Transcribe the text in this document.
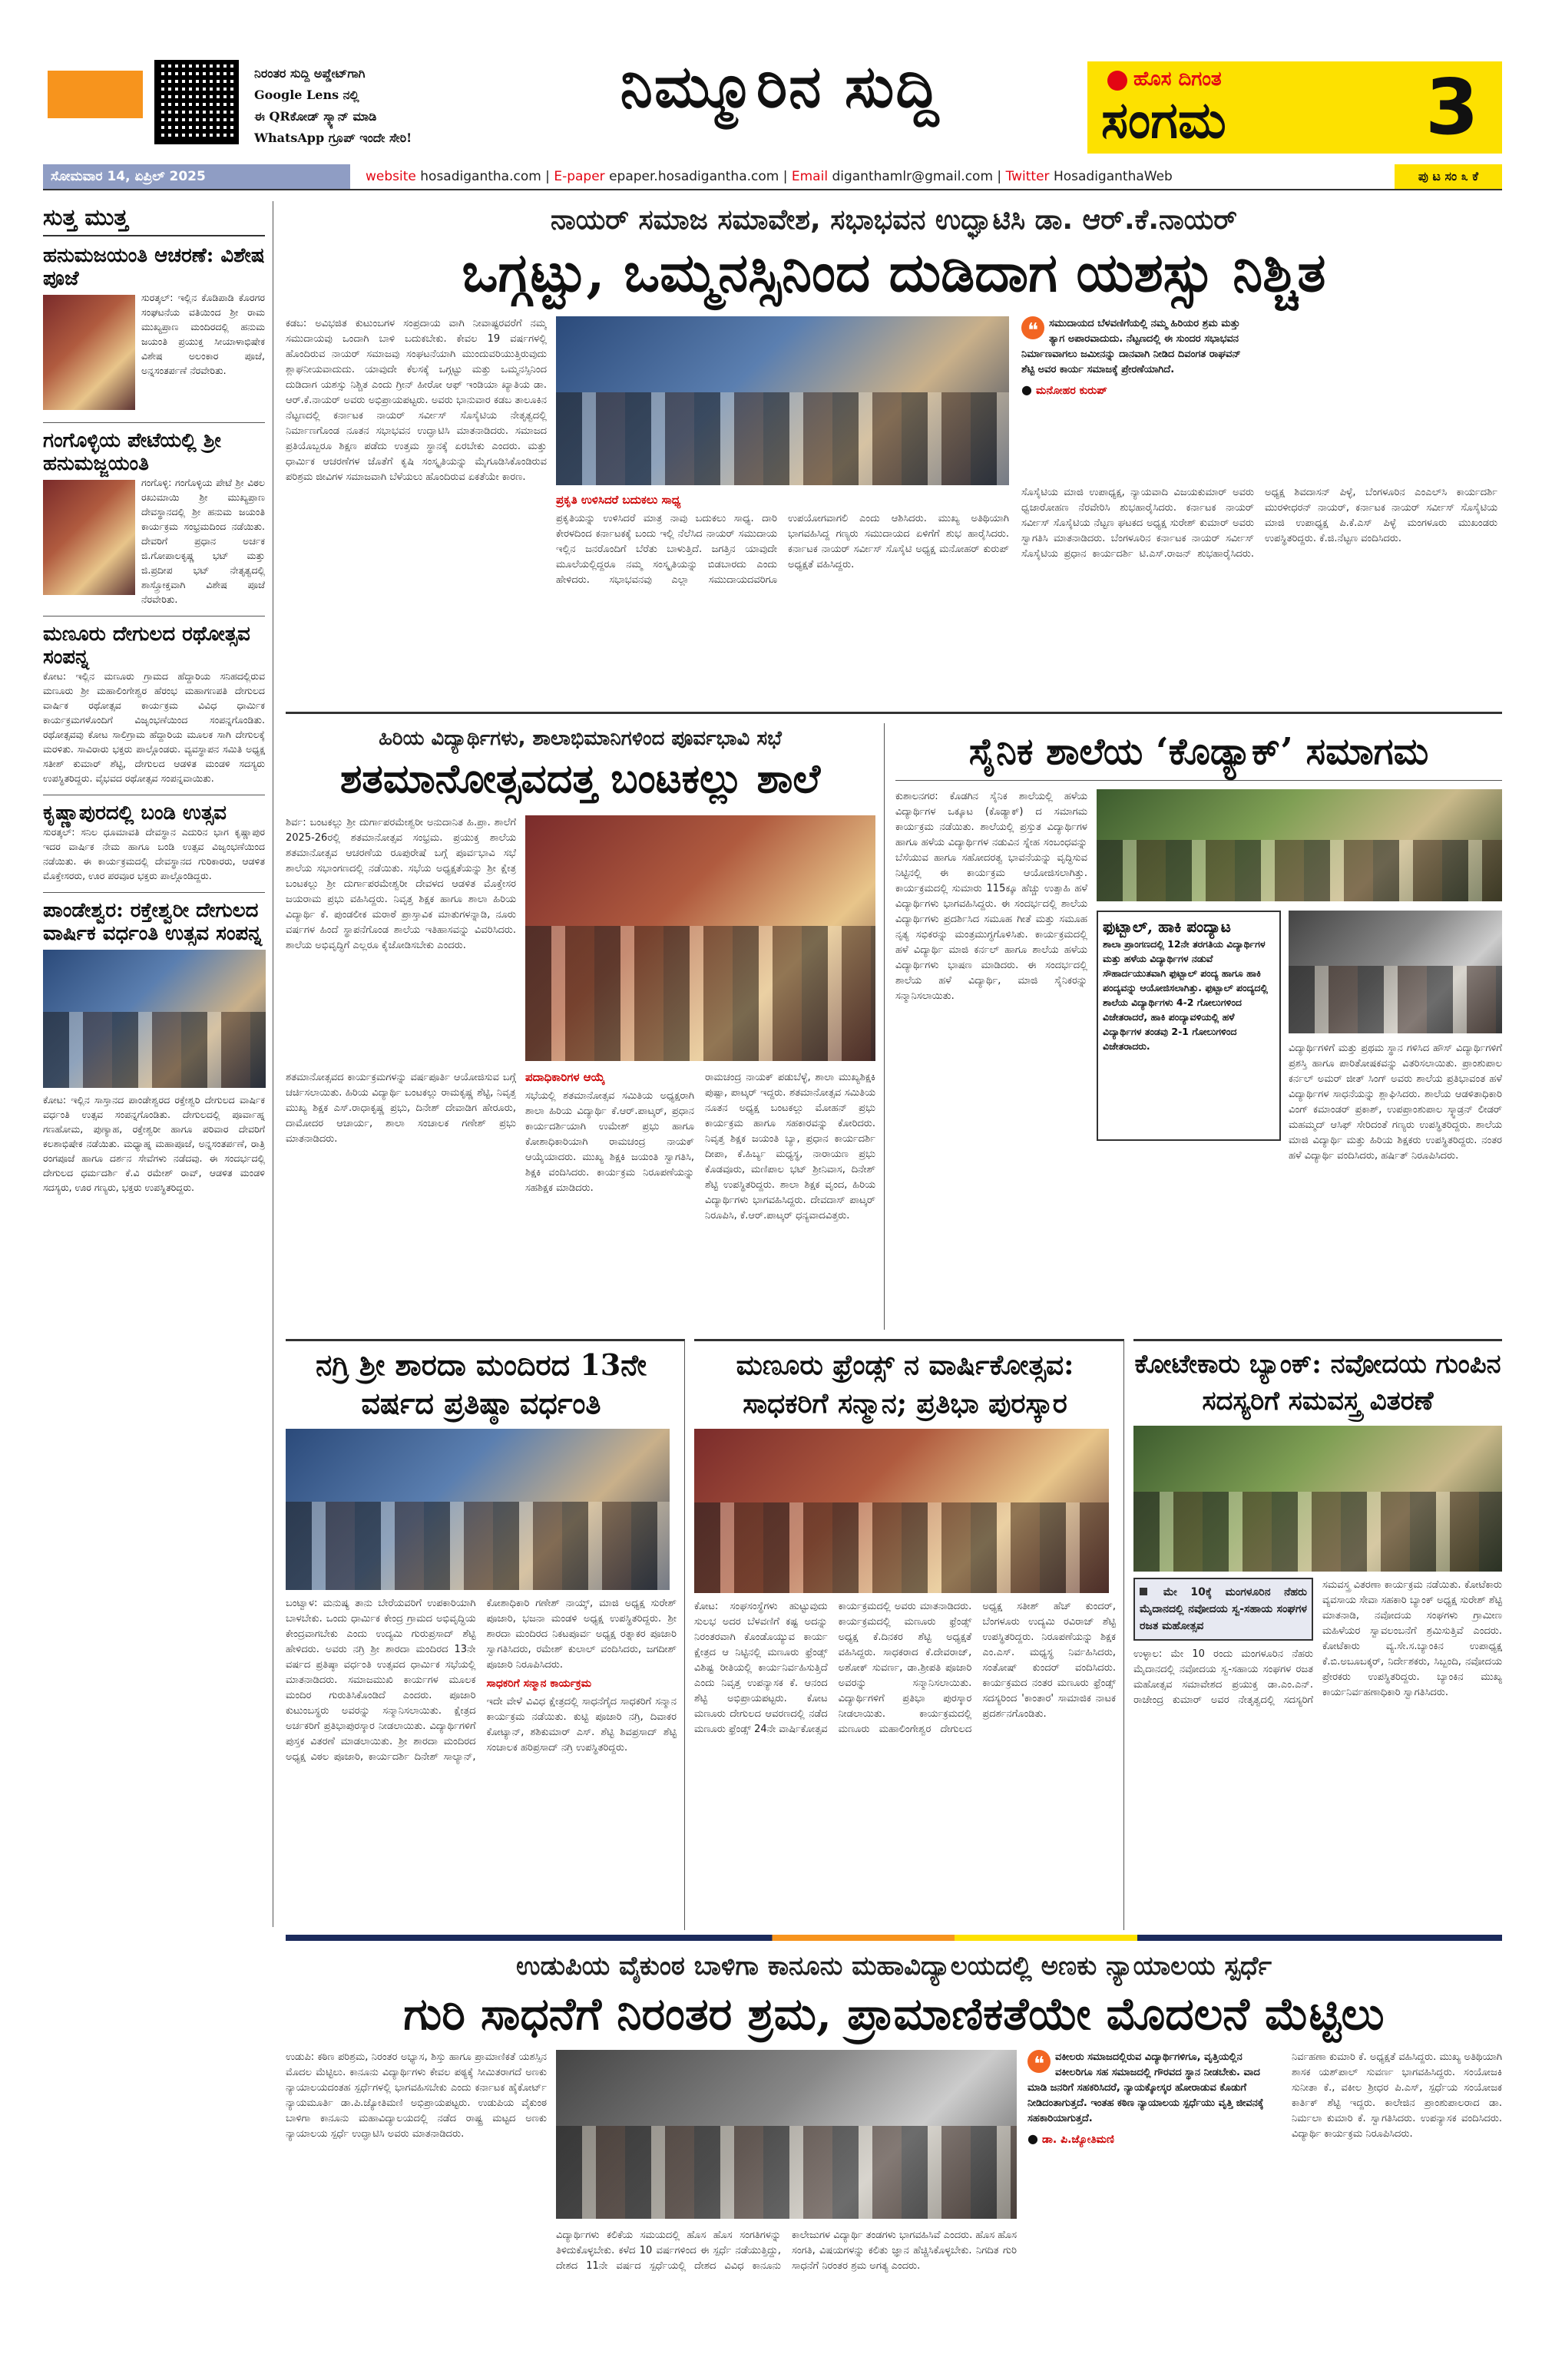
ನಿರಂತರ ಸುದ್ದಿ ಅಪ್ಡೇಟ್‌ಗಾಗಿ
Google Lens ನಲ್ಲಿ
ಈ QRಕೋಡ್ ಸ್ಕ್ಯಾನ್ ಮಾಡಿ
WhatsApp ಗ್ರೂಪ್ ಇಂದೇ ಸೇರಿ!
ನಿಮ್ಮೂರಿನ ಸುದ್ದಿ	ಹೊಸ ದಿಗಂತ
ಸಂಗಮ	3
ಸೋಮವಾರ 14, ಏಪ್ರಿಲ್ 2025	website hosadigantha.com | E-paper epaper.hosadigantha.com | Email diganthamlr@gmail.com | Twitter HosadiganthaWeb	ಪು ಟ ಸಂ ೩ ಕೆ
ಸುತ್ತ ಮುತ್ತ
ಹನುಮಜಯಂತಿ ಆಚರಣೆ: ವಿಶೇಷ ಪೂಜೆ
ಸುರತ್ಕಲ್: ಇಲ್ಲಿನ ಕೊಡಿಪಾಡಿ ಕೊರಗರ ಸಂಘಟನೆಯ ವತಿಯಿಂದ ಶ್ರೀ ರಾಮ ಮುಖ್ಯಪ್ರಾಣ ಮಂದಿರದಲ್ಲಿ ಹನುಮ ಜಯಂತಿ ಪ್ರಯುಕ್ತ ಸೀಯಾಳಾಭಿಷೇಕ ವಿಶೇಷ ಅಲಂಕಾರ ಪೂಜೆ, ಅನ್ನಸಂತರ್ಪಣೆ ನೆರವೇರಿತು.
ಗಂಗೊಳ್ಳಿಯ ಪೇಟೆಯಲ್ಲಿ ಶ್ರೀ ಹನುಮಜ್ಜಯಂತಿ
ಗಂಗೊಳ್ಳಿ: ಗಂಗೊಳ್ಳಿಯ ಪೇಟೆ ಶ್ರೀ ವಿಠಲ ರಖುಮಾಯಿ ಶ್ರೀ ಮುಖ್ಯಪ್ರಾಣ ದೇವಸ್ಥಾನದಲ್ಲಿ ಶ್ರೀ ಹನುಮ ಜಯಂತಿ ಕಾರ್ಯಕ್ರಮ ಸಂಭ್ರಮದಿಂದ ನಡೆಯಿತು. ದೇವರಿಗೆ ಪ್ರಧಾನ ಅರ್ಚಕ ಜಿ.ಗೋಪಾಲಕೃಷ್ಣ ಭಟ್ ಮತ್ತು ಜಿ.ಪ್ರದೀಪ ಭಟ್ ನೇತೃತ್ವದಲ್ಲಿ ಶಾಸ್ತ್ರೋಕ್ತವಾಗಿ ವಿಶೇಷ ಪೂಜೆ ನೆರವೇರಿತು.
ಮಣೂರು ದೇಗುಲದ ರಥೋತ್ಸವ ಸಂಪನ್ನ
ಕೋಟ: ಇಲ್ಲಿನ ಮಣೂರು ಗ್ರಾಮದ ಹೆದ್ದಾರಿಯ ಸನಿಹದಲ್ಲಿರುವ ಮಣೂರು ಶ್ರೀ ಮಹಾಲಿಂಗೇಶ್ವರ ಹೆರಂಭ ಮಹಾಗಣಪತಿ ದೇಗುಲದ ವಾರ್ಷಿಕ ರಥೋತ್ಸವ ಕಾರ್ಯಕ್ರಮ ವಿವಿಧ ಧಾರ್ಮಿಕ ಕಾರ್ಯಕ್ರಮಗಳೊಂದಿಗೆ ವಿಜೃಂಭಣೆಯಿಂದ ಸಂಪನ್ನಗೊಂಡಿತು. ರಥೋತ್ಸವವು ಕೋಟ ಸಾಲಿಗ್ರಾಮ ಹೆದ್ದಾರಿಯ ಮೂಲಕ ಸಾಗಿ ದೇಗುಲಕ್ಕೆ ಮರಳಿತು. ಸಾವಿರಾರು ಭಕ್ತರು ಪಾಲ್ಗೊಂಡರು. ವ್ಯವಸ್ಥಾಪನ ಸಮಿತಿ ಅಧ್ಯಕ್ಷ ಸತೀಶ್ ಕುಮಾರ್ ಶೆಟ್ಟಿ, ದೇಗುಲದ ಆಡಳಿತ ಮಂಡಳಿ ಸದಸ್ಯರು ಉಪಸ್ಥಿತರಿದ್ದರು. ವೈಭವದ ರಥೋತ್ಸವ ಸಂಪನ್ನವಾಯಿತು.
ಕೃಷ್ಣಾಪುರದಲ್ಲಿ ಬಂಡಿ ಉತ್ಸವ
ಸುರತ್ಕಲ್: ಸನಿಲ ಧೂಮಾವತಿ ದೇವಸ್ಥಾನ ಎದುರಿನ ಭಾಗ ಕೃಷ್ಣಾಪುರ ಇದರ ವಾರ್ಷಿಕ ನೇಮ ಹಾಗೂ ಬಂಡಿ ಉತ್ಸವ ವಿಜೃಂಭಣೆಯಿಂದ ನಡೆಯಿತು. ಈ ಕಾರ್ಯಕ್ರಮದಲ್ಲಿ ದೇವಸ್ಥಾನದ ಗುರಿಕಾರರು, ಆಡಳಿತ ಮೊಕ್ತೇಸರರು, ಊರ ಪರವೂರ ಭಕ್ತರು ಪಾಲ್ಗೊಂಡಿದ್ದರು.
ಪಾಂಡೇಶ್ವರ: ರಕ್ತೇಶ್ವರೀ ದೇಗುಲದ ವಾರ್ಷಿಕ ವರ್ಧಂತಿ ಉತ್ಸವ ಸಂಪನ್ನ
ಕೋಟ: ಇಲ್ಲಿನ ಸಾಸ್ತಾನದ ಪಾಂಡೇಶ್ವರದ ರಕ್ತೇಶ್ವರಿ ದೇಗುಲದ ವಾರ್ಷಿಕ ವರ್ಧಂತಿ ಉತ್ಸವ ಸಂಪನ್ನಗೊಂಡಿತು. ದೇಗುಲದಲ್ಲಿ ಪೂರ್ವಾಹ್ನ ಗಣಹೋಮ, ಪುಣ್ಯಾಹ, ರಕ್ತೇಶ್ವರೀ ಹಾಗೂ ಪರಿವಾರ ದೇವರಿಗೆ ಕಲಶಾಭಿಷೇಕ ನಡೆಯಿತು. ಮಧ್ಯಾಹ್ನ ಮಹಾಪೂಜೆ, ಅನ್ನಸಂತರ್ಪಣೆ, ರಾತ್ರಿ ರಂಗಪೂಜೆ ಹಾಗೂ ದರ್ಶನ ಸೇವೆಗಳು ನಡೆದವು. ಈ ಸಂದರ್ಭದಲ್ಲಿ ದೇಗುಲದ ಧರ್ಮದರ್ಶಿ ಕೆ.ವಿ ರಮೇಶ್ ರಾವ್, ಆಡಳಿತ ಮಂಡಳಿ ಸದಸ್ಯರು, ಊರ ಗಣ್ಯರು, ಭಕ್ತರು ಉಪಸ್ಥಿತರಿದ್ದರು.
ನಾಯರ್ ಸಮಾಜ ಸಮಾವೇಶ, ಸಭಾಭವನ ಉದ್ಘಾಟಿಸಿ ಡಾ. ಆರ್.ಕೆ.ನಾಯರ್
ಒಗ್ಗಟ್ಟು, ಒಮ್ಮನಸ್ಸಿನಿಂದ ದುಡಿದಾಗ ಯಶಸ್ಸು ನಿಶ್ಚಿತ
ಕಡಬ: ಅವಿಭಜಿತ ಕುಟುಂಬಗಳ ಸಂಪ್ರದಾಯ ವಾಗಿ ನೀವಾಷ್ಟರವರೆಗೆ ನಮ್ಮ ಸಮುದಾಯವು ಒಂದಾಗಿ ಬಾಳಿ ಬದುಕಬೇಕು. ಕೇವಲ 19 ವರ್ಷಗಳಲ್ಲಿ ಹೊಂದಿರುವ ನಾಯರ್ ಸಮಾಜವು ಸಂಘಟನೆಯಾಗಿ ಮುಂದುವರಿಯುತ್ತಿರುವುದು ಶ್ಲಾಘನೀಯವಾದುದು. ಯಾವುದೇ ಕೆಲಸಕ್ಕೆ ಒಗ್ಗಟ್ಟು ಮತ್ತು ಒಮ್ಮನಸ್ಸಿನಿಂದ ದುಡಿದಾಗ ಯಶಸ್ಸು ನಿಶ್ಚಿತ ಎಂದು ಗ್ರೀನ್ ಹೀರೋ ಆಫ್ ಇಂಡಿಯಾ ಖ್ಯಾತಿಯ ಡಾ. ಆರ್.ಕೆ.ನಾಯರ್ ಅವರು ಅಭಿಪ್ರಾಯಪಟ್ಟರು. ಅವರು ಭಾನುವಾರ ಕಡಬ ತಾಲೂಕಿನ ನೆಟ್ಟಣದಲ್ಲಿ ಕರ್ನಾಟಕ ನಾಯರ್ ಸರ್ವೀಸ್ ಸೊಸೈಟಿಯ ನೇತೃತ್ವದಲ್ಲಿ ನಿರ್ಮಾಣಗೊಂಡ ನೂತನ ಸಭಾಭವನ ಉದ್ಘಾಟಿಸಿ ಮಾತನಾಡಿದರು. ಸಮಾಜದ ಪ್ರತಿಯೊಬ್ಬರೂ ಶಿಕ್ಷಣ ಪಡೆದು ಉತ್ತಮ ಸ್ಥಾನಕ್ಕೆ ಏರಬೇಕು ಎಂದರು. ಮತ್ತು ಧಾರ್ಮಿಕ ಆಚರಣೆಗಳ ಜೊತೆಗೆ ಕೃಷಿ ಸಂಸ್ಕೃತಿಯನ್ನು ಮೈಗೂಡಿಸಿಕೊಂಡಿರುವ ಪರಿಶ್ರಮ ಜೀವಿಗಳ ಸಮಾಜವಾಗಿ ಬೆಳೆಯಲು ಹೊಂದಿರುವ ಏಕತೆಯೇ ಕಾರಣ.
ಪ್ರಕೃತಿ ಉಳಿಸಿದರೆ ಬದುಕಲು ಸಾಧ್ಯ
ಪ್ರಕೃತಿಯನ್ನು ಉಳಿಸಿದರೆ ಮಾತ್ರ ನಾವು ಬದುಕಲು ಸಾಧ್ಯ. ದಾರಿ ಕೇರಳದಿಂದ ಕರ್ನಾಟಕಕ್ಕೆ ಬಂದು ಇಲ್ಲಿ ನೆಲೆಸಿದ ನಾಯರ್ ಸಮುದಾಯ ಇಲ್ಲಿನ ಜನರೊಂದಿಗೆ ಬೆರೆತು ಬಾಳುತ್ತಿದೆ. ಜಗತ್ತಿನ ಯಾವುದೇ ಮೂಲೆಯಲ್ಲಿದ್ದರೂ ನಮ್ಮ ಸಂಸ್ಕೃತಿಯನ್ನು ಬಿಡಬಾರದು ಎಂದು ಹೇಳಿದರು. ಸಭಾಭವನವು ಎಲ್ಲಾ ಸಮುದಾಯದವರಿಗೂ ಉಪಯೋಗವಾಗಲಿ ಎಂದು ಆಶಿಸಿದರು. ಮುಖ್ಯ ಅತಿಥಿಯಾಗಿ ಭಾಗವಹಿಸಿದ್ದ ಗಣ್ಯರು ಸಮುದಾಯದ ಏಳಿಗೆಗೆ ಶುಭ ಹಾರೈಸಿದರು. ಕರ್ನಾಟಕ ನಾಯರ್ ಸರ್ವೀಸ್ ಸೊಸೈಟಿ ಅಧ್ಯಕ್ಷ ಮನೋಹರ್ ಕುರುಪ್ ಅಧ್ಯಕ್ಷತೆ ವಹಿಸಿದ್ದರು.
❝	ಸಮುದಾಯದ ಬೆಳವಣಿಗೆಯಲ್ಲಿ ನಮ್ಮ ಹಿರಿಯರ ಶ್ರಮ ಮತ್ತು ತ್ಯಾಗ ಅಪಾರವಾದುದು. ನೆಟ್ಟಣದಲ್ಲಿ ಈ ಸುಂದರ ಸಭಾಭವನ ನಿರ್ಮಾಣವಾಗಲು ಜಮೀನನ್ನು ದಾನವಾಗಿ ನೀಡಿದ ದಿವಂಗತ ರಾಘವನ್ ಶೆಟ್ಟಿ ಅವರ ಕಾರ್ಯ ಸಮಾಜಕ್ಕೆ ಪ್ರೇರಣೆಯಾಗಿದೆ.
● ಮನೋಹರ ಕುರುಪ್
ಸೊಸೈಟಿಯ ಮಾಜಿ ಉಪಾಧ್ಯಕ್ಷ, ನ್ಯಾಯವಾದಿ ವಿಜಯಕುಮಾರ್ ಅವರು ಧ್ವಜಾರೋಹಣ ನೆರವೇರಿಸಿ ಶುಭಹಾರೈಸಿದರು. ಕರ್ನಾಟಕ ನಾಯರ್ ಸರ್ವೀಸ್ ಸೊಸೈಟಿಯ ನೆಟ್ಟಣ ಘಟಕದ ಅಧ್ಯಕ್ಷ ಸುರೇಶ್ ಕುಮಾರ್ ಅವರು ಸ್ವಾಗತಿಸಿ ಮಾತನಾಡಿದರು. ಬೆಂಗಳೂರಿನ ಕರ್ನಾಟಕ ನಾಯರ್ ಸರ್ವೀಸ್ ಸೊಸೈಟಿಯ ಪ್ರಧಾನ ಕಾರ್ಯದರ್ಶಿ ಟಿ.ಎಸ್.ರಾಜನ್ ಶುಭಹಾರೈಸಿದರು. ಅಧ್ಯಕ್ಷ ಶಿವದಾಸನ್ ಪಿಳ್ಳೆ, ಬೆಂಗಳೂರಿನ ಎಂಎಲ್‌ಸಿ ಕಾರ್ಯದರ್ಶಿ ಮುರಳೀಧರನ್ ನಾಯರ್, ಕರ್ನಾಟಕ ನಾಯರ್ ಸರ್ವೀಸ್ ಸೊಸೈಟಿಯ ಮಾಜಿ ಉಪಾಧ್ಯಕ್ಷ ಪಿ.ಕೆ.ಎಸ್ ಪಿಳ್ಳೆ ಮಂಗಳೂರು ಮುಖಂಡರು ಉಪಸ್ಥಿತರಿದ್ದರು. ಕೆ.ಜಿ.ನೆಟ್ಟಣ ವಂದಿಸಿದರು.
ಹಿರಿಯ ವಿದ್ಯಾರ್ಥಿಗಳು, ಶಾಲಾಭಿಮಾನಿಗಳಿಂದ ಪೂರ್ವಭಾವಿ ಸಭೆ
ಶತಮಾನೋತ್ಸವದತ್ತ ಬಂಟಕಲ್ಲು ಶಾಲೆ
ಶಿರ್ವ: ಬಂಟಕಲ್ಲು ಶ್ರೀ ದುರ್ಗಾಪರಮೇಶ್ವರೀ ಅನುದಾನಿತ ಹಿ.ಪ್ರಾ. ಶಾಲೆಗೆ 2025-26ರಲ್ಲಿ ಶತಮಾನೋತ್ಸವ ಸಂಭ್ರಮ. ಪ್ರಯುಕ್ತ ಶಾಲೆಯ ಶತಮಾನೋತ್ಸವ ಆಚರಣೆಯ ರೂಪುರೇಷೆ ಬಗ್ಗೆ ಪೂರ್ವಭಾವಿ ಸಭೆ ಶಾಲೆಯ ಸಭಾಂಗಣದಲ್ಲಿ ನಡೆಯಿತು. ಸಭೆಯ ಅಧ್ಯಕ್ಷತೆಯನ್ನು ಶ್ರೀ ಕ್ಷೇತ್ರ ಬಂಟಕಲ್ಲು ಶ್ರೀ ದುರ್ಗಾಪರಮೇಶ್ವರೀ ದೇವಳದ ಆಡಳಿತ ಮೊಕ್ತೇಸರ ಜಯರಾಮ ಪ್ರಭು ವಹಿಸಿದ್ದರು. ನಿವೃತ್ತ ಶಿಕ್ಷಕ ಹಾಗೂ ಶಾಲಾ ಹಿರಿಯ ವಿದ್ಯಾರ್ಥಿ ಕೆ. ಪುಂಡಲೀಕ ಮರಾಠೆ ಪ್ರಾಸ್ತಾವಿಕ ಮಾತುಗಳನ್ನಾಡಿ, ನೂರು ವರ್ಷಗಳ ಹಿಂದೆ ಸ್ಥಾಪನೆಗೊಂಡ ಶಾಲೆಯ ಇತಿಹಾಸವನ್ನು ವಿವರಿಸಿದರು. ಶಾಲೆಯ ಅಭಿವೃದ್ಧಿಗೆ ಎಲ್ಲರೂ ಕೈಜೋಡಿಸಬೇಕು ಎಂದರು.
ಶತಮಾನೋತ್ಸವದ ಕಾರ್ಯಕ್ರಮಗಳನ್ನು ವರ್ಷಪೂರ್ತಿ ಆಯೋಜಿಸುವ ಬಗ್ಗೆ ಚರ್ಚಿಸಲಾಯಿತು. ಹಿರಿಯ ವಿದ್ಯಾರ್ಥಿ ಬಂಟಕಲ್ಲು ರಾಮಕೃಷ್ಣ ಶೆಟ್ಟಿ, ನಿವೃತ್ತ ಮುಖ್ಯ ಶಿಕ್ಷಕ ಎಸ್.ರಾಧಾಕೃಷ್ಣ ಪ್ರಭು, ದಿನೇಶ್ ದೇವಾಡಿಗ ಹೇರೂರು, ದಾಮೋದರ ಆಚಾರ್ಯ, ಶಾಲಾ ಸಂಚಾಲಕ ಗಣೇಶ್ ಪ್ರಭು ಮಾತನಾಡಿದರು.
ಪದಾಧಿಕಾರಿಗಳ ಆಯ್ಕೆ
ಸಭೆಯಲ್ಲಿ ಶತಮಾನೋತ್ಸವ ಸಮಿತಿಯ ಅಧ್ಯಕ್ಷರಾಗಿ ಶಾಲಾ ಹಿರಿಯ ವಿದ್ಯಾರ್ಥಿ ಕೆ.ಆರ್.ಪಾಟ್ಕರ್, ಪ್ರಧಾನ ಕಾರ್ಯದರ್ಶಿಯಾಗಿ ಉಮೇಶ್ ಪ್ರಭು ಹಾಗೂ ಕೋಶಾಧಿಕಾರಿಯಾಗಿ ರಾಮಚಂದ್ರ ನಾಯಕ್ ಆಯ್ಕೆಯಾದರು. ಮುಖ್ಯ ಶಿಕ್ಷಕಿ ಜಯಂತಿ ಸ್ವಾಗತಿಸಿ, ಶಿಕ್ಷಕಿ ವಂದಿಸಿದರು. ಕಾರ್ಯಕ್ರಮ ನಿರೂಪಣೆಯನ್ನು ಸಹಶಿಕ್ಷಕ ಮಾಡಿದರು.
ರಾಮಚಂದ್ರ ನಾಯಕ್ ಪಡುಬೆಳ್ಳೆ, ಶಾಲಾ ಮುಖ್ಯಶಿಕ್ಷಕಿ ಪುಷ್ಪಾ, ಪಾಟ್ಕರ್ ಇದ್ದರು. ಶತಮಾನೋತ್ಸವ ಸಮಿತಿಯ ನೂತನ ಅಧ್ಯಕ್ಷ ಬಂಟಕಲ್ಲು ಮೋಹನ್ ಪ್ರಭು ಕಾರ್ಯಕ್ರಮ ಹಾಗೂ ಸಹಕಾರವನ್ನು ಕೋರಿದರು. ನಿವೃತ್ತ ಶಿಕ್ಷಕ ಜಯಂತಿ ಬ್ಯಾ, ಪ್ರಧಾನ ಕಾರ್ಯದರ್ಶಿ ದೀಪಾ, ಕೆ.ಹಿರ್ಬ್ಯ ಮಧ್ಯಸ್ಥ, ನಾರಾಯಣ ಪ್ರಭು ಕೊಡವೂರು, ಮಣಿಪಾಲ ಭಟ್ ಶ್ರೀನಿವಾಸ, ದಿನೇಶ್ ಶೆಟ್ಟಿ ಉಪಸ್ಥಿತರಿದ್ದರು. ಶಾಲಾ ಶಿಕ್ಷಕ ವೃಂದ, ಹಿರಿಯ ವಿದ್ಯಾರ್ಥಿಗಳು ಭಾಗವಹಿಸಿದ್ದರು. ದೇವದಾಸ್ ಪಾಟ್ಕರ್ ನಿರೂಪಿಸಿ, ಕೆ.ಆರ್.ಪಾಟ್ಕರ್ ಧನ್ಯವಾದವಿತ್ತರು.
ಸೈನಿಕ ಶಾಲೆಯ ‘ಕೊಡ್ಯಾಕ್’ ಸಮಾಗಮ
ಕುಶಾಲನಗರ: ಕೊಡಗಿನ ಸೈನಿಕ ಶಾಲೆಯಲ್ಲಿ ಹಳೆಯ ವಿದ್ಯಾರ್ಥಿಗಳ ಒಕ್ಕೂಟ (ಕೊಡ್ಯಾಕ್) ದ ಸಮಾಗಮ ಕಾರ್ಯಕ್ರಮ ನಡೆಯಿತು. ಶಾಲೆಯಲ್ಲಿ ಪ್ರಸ್ತುತ ವಿದ್ಯಾರ್ಥಿಗಳ ಹಾಗೂ ಹಳೆಯ ವಿದ್ಯಾರ್ಥಿಗಳ ನಡುವಿನ ಸ್ನೇಹ ಸಂಬಂಧವನ್ನು ಬೆಸೆಯುವ ಹಾಗೂ ಸಹೋದರತ್ವ ಭಾವನೆಯನ್ನು ವೃದ್ಧಿಸುವ ನಿಟ್ಟಿನಲ್ಲಿ ಈ ಕಾರ್ಯಕ್ರಮ ಆಯೋಜಿಸಲಾಗಿತ್ತು. ಕಾರ್ಯಕ್ರಮದಲ್ಲಿ ಸುಮಾರು 115ಕ್ಕೂ ಹೆಚ್ಚು ಉತ್ಸಾಹಿ ಹಳೆ ವಿದ್ಯಾರ್ಥಿಗಳು ಭಾಗವಹಿಸಿದ್ದರು. ಈ ಸಂದರ್ಭದಲ್ಲಿ ಶಾಲೆಯ ವಿದ್ಯಾರ್ಥಿಗಳು ಪ್ರದರ್ಶಿಸಿದ ಸಮೂಹ ಗೀತೆ ಮತ್ತು ಸಮೂಹ ನೃತ್ಯ ಸಭಿಕರನ್ನು ಮಂತ್ರಮುಗ್ಧಗೊಳಿಸಿತು. ಕಾರ್ಯಕ್ರಮದಲ್ಲಿ ಹಳೆ ವಿದ್ಯಾರ್ಥಿ ಮಾಜಿ ಕರ್ನಲ್ ಹಾಗೂ ಶಾಲೆಯ ಹಳೆಯ ವಿದ್ಯಾರ್ಥಿಗಳು ಭಾಷಣ ಮಾಡಿದರು. ಈ ಸಂದರ್ಭದಲ್ಲಿ ಶಾಲೆಯ ಹಳೆ ವಿದ್ಯಾರ್ಥಿ, ಮಾಜಿ ಸೈನಿಕರನ್ನು ಸನ್ಮಾನಿಸಲಾಯಿತು.
ಫುಟ್ಬಾಲ್, ಹಾಕಿ ಪಂದ್ಯಾಟ
ಶಾಲಾ ಪ್ರಾಂಗಣದಲ್ಲಿ 12ನೇ ತರಗತಿಯ ವಿದ್ಯಾರ್ಥಿಗಳ ಮತ್ತು ಹಳೆಯ ವಿದ್ಯಾರ್ಥಿಗಳ ನಡುವೆ ಸೌಹಾರ್ದಯುತವಾಗಿ ಫುಟ್ಬಾಲ್ ಪಂದ್ಯ ಹಾಗೂ ಹಾಕಿ ಪಂದ್ಯವನ್ನು ಆಯೋಜಿಸಲಾಗಿತ್ತು. ಫುಟ್ಬಾಲ್ ಪಂದ್ಯದಲ್ಲಿ ಶಾಲೆಯ ವಿದ್ಯಾರ್ಥಿಗಳು 4-2 ಗೋಲುಗಳಿಂದ ವಿಜೇತರಾದರೆ, ಹಾಕಿ ಪಂದ್ಯಾವಳಿಯಲ್ಲಿ ಹಳೆ ವಿದ್ಯಾರ್ಥಿಗಳ ತಂಡವು 2-1 ಗೋಲುಗಳಿಂದ ವಿಜೇತರಾದರು.	ವಿದ್ಯಾರ್ಥಿಗಳಿಗೆ ಮತ್ತು ಪ್ರಥಮ ಸ್ಥಾನ ಗಳಿಸಿದ ಹೌಸ್ ವಿದ್ಯಾರ್ಥಿಗಳಿಗೆ ಪ್ರಶಸ್ತಿ ಹಾಗೂ ಪಾರಿತೋಷಕವನ್ನು ವಿತರಿಸಲಾಯಿತು. ಪ್ರಾಂಶುಪಾಲ ಕರ್ನಲ್ ಅಮರ್ ಜೀತ್ ಸಿಂಗ್ ಅವರು ಶಾಲೆಯ ಪ್ರತಿಭಾವಂತ ಹಳೆ ವಿದ್ಯಾರ್ಥಿಗಳ ಸಾಧನೆಯನ್ನು ಶ್ಲಾಘಿಸಿದರು. ಶಾಲೆಯ ಆಡಳಿತಾಧಿಕಾರಿ ವಿಂಗ್ ಕಮಾಂಡರ್ ಪ್ರಕಾಶ್, ಉಪಪ್ರಾಂಶುಪಾಲ ಸ್ಕ್ವಾಡ್ರನ್ ಲೀಡರ್ ಮಹಮ್ಮದ್ ಆಸಿಫ್ ಸೇರಿದಂತೆ ಗಣ್ಯರು ಉಪಸ್ಥಿತರಿದ್ದರು. ಶಾಲೆಯ ಮಾಜಿ ವಿದ್ಯಾರ್ಥಿ ಮತ್ತು ಹಿರಿಯ ಶಿಕ್ಷಕರು ಉಪಸ್ಥಿತರಿದ್ದರು. ನಂತರ ಹಳೆ ವಿದ್ಯಾರ್ಥಿ ವಂದಿಸಿದರು, ಹರ್ಷಿತ್ ನಿರೂಪಿಸಿದರು.
ನಗ್ರಿ ಶ್ರೀ ಶಾರದಾ ಮಂದಿರದ 13ನೇ ವರ್ಷದ ಪ್ರತಿಷ್ಠಾ ವರ್ಧಂತಿ
ಬಂಟ್ವಾಳ: ಮನುಷ್ಯ ತಾನು ಬೇರೆಯವರಿಗೆ ಉಪಕಾರಿಯಾಗಿ ಬಾಳಬೇಕು. ಒಂದು ಧಾರ್ಮಿಕ ಕೇಂದ್ರ ಗ್ರಾಮದ ಅಭಿವೃದ್ಧಿಯ ಕೇಂದ್ರವಾಗಬೇಕು ಎಂದು ಉದ್ಯಮಿ ಗುರುಪ್ರಸಾದ್ ಶೆಟ್ಟಿ ಹೇಳಿದರು. ಅವರು ನಗ್ರಿ ಶ್ರೀ ಶಾರದಾ ಮಂದಿರದ 13ನೇ ವರ್ಷದ ಪ್ರತಿಷ್ಠಾ ವರ್ಧಂತಿ ಉತ್ಸವದ ಧಾರ್ಮಿಕ ಸಭೆಯಲ್ಲಿ ಮಾತನಾಡಿದರು. ಸಮಾಜಮುಖಿ ಕಾರ್ಯಗಳ ಮೂಲಕ ಮಂದಿರ ಗುರುತಿಸಿಕೊಂಡಿದೆ ಎಂದರು. ಪೂಜಾರಿ ಕುಟುಂಬಸ್ಥರು ಅವರನ್ನು ಸನ್ಮಾನಿಸಲಾಯಿತು. ಕ್ಷೇತ್ರದ ಅರ್ಚಕರಿಗೆ ಪ್ರತಿಭಾಪುರಸ್ಕಾರ ನೀಡಲಾಯಿತು. ವಿದ್ಯಾರ್ಥಿಗಳಿಗೆ ಪುಸ್ತಕ ವಿತರಣೆ ಮಾಡಲಾಯಿತು. ಶ್ರೀ ಶಾರದಾ ಮಂದಿರದ ಅಧ್ಯಕ್ಷ ವಿಠಲ ಪೂಜಾರಿ, ಕಾರ್ಯದರ್ಶಿ ದಿನೇಶ್ ಸಾಲ್ಯಾನ್, ಕೋಶಾಧಿಕಾರಿ ಗಣೇಶ್ ನಾಯ್ಕ್, ಮಾಜಿ ಅಧ್ಯಕ್ಷ ಸುರೇಶ್ ಪೂಜಾರಿ, ಭಜನಾ ಮಂಡಳಿ ಅಧ್ಯಕ್ಷ ಉಪಸ್ಥಿತರಿದ್ದರು. ಶ್ರೀ ಶಾರದಾ ಮಂದಿರದ ನಿಕಟಪೂರ್ವ ಅಧ್ಯಕ್ಷ ರತ್ನಾಕರ ಪೂಜಾರಿ ಸ್ವಾಗತಿಸಿದರು, ರಮೇಶ್ ಕುಲಾಲ್ ವಂದಿಸಿದರು, ಜಗದೀಶ್ ಪೂಜಾರಿ ನಿರೂಪಿಸಿದರು.
ಸಾಧಕರಿಗೆ ಸನ್ಮಾನ ಕಾರ್ಯಕ್ರಮ
ಇದೇ ವೇಳೆ ವಿವಿಧ ಕ್ಷೇತ್ರದಲ್ಲಿ ಸಾಧನೆಗೈದ ಸಾಧಕರಿಗೆ ಸನ್ಮಾನ ಕಾರ್ಯಕ್ರಮ ನಡೆಯಿತು. ಕುಟ್ಟಿ ಪೂಜಾರಿ ನಗ್ರಿ, ದಿವಾಕರ ಕೋಟ್ಯಾನ್, ಶಶಿಕುಮಾರ್ ಎಸ್. ಶೆಟ್ಟಿ ಶಿವಪ್ರಸಾದ್ ಶೆಟ್ಟಿ ಸಂಚಾಲಕ ಹರಿಪ್ರಸಾದ್ ನಗ್ರಿ ಉಪಸ್ಥಿತರಿದ್ದರು.
ಮಣೂರು ಫ್ರೆಂಡ್ಸ್ ನ ವಾರ್ಷಿಕೋತ್ಸವ: ಸಾಧಕರಿಗೆ ಸನ್ಮಾನ; ಪ್ರತಿಭಾ ಪುರಸ್ಕಾರ
ಕೋಟ: ಸಂಘಸಂಸ್ಥೆಗಳು ಹುಟ್ಟುವುದು ಸುಲಭ ಅದರ ಬೆಳವಣಿಗೆ ಕಷ್ಟ ಅದನ್ನು ನಿರಂತರವಾಗಿ ಕೊಂಡೊಯ್ಯುವ ಕಾರ್ಯ ಕ್ಷೇತ್ರದ ಆ ನಿಟ್ಟಿನಲ್ಲಿ ಮಣೂರು ಫ್ರೆಂಡ್ಸ್ ವಿಶಿಷ್ಟ ರೀತಿಯಲ್ಲಿ ಕಾರ್ಯನಿರ್ವಹಿಸುತ್ತಿದೆ ಎಂದು ನಿವೃತ್ತ ಉಪನ್ಯಾಸಕ ಕೆ. ಆನಂದ ಶೆಟ್ಟಿ ಅಭಿಪ್ರಾಯಪಟ್ಟರು. ಕೋಟ ಮಣೂರು ದೇಗುಲದ ಆವರಣದಲ್ಲಿ ನಡೆದ ಮಣೂರು ಫ್ರೆಂಡ್ಸ್ 24ನೇ ವಾರ್ಷಿಕೋತ್ಸವ ಕಾರ್ಯಕ್ರಮದಲ್ಲಿ ಅವರು ಮಾತನಾಡಿದರು. ಕಾರ್ಯಕ್ರಮದಲ್ಲಿ ಮಣೂರು ಫ್ರೆಂಡ್ಸ್ ಅಧ್ಯಕ್ಷ ಕೆ.ದಿನಕರ ಶೆಟ್ಟಿ ಅಧ್ಯಕ್ಷತೆ ವಹಿಸಿದ್ದರು. ಸಾಧಕರಾದ ಕೆ.ದೇವರಾಜ್, ಅಶೋಕ್ ಸುವರ್ಣ, ಡಾ.ಶ್ರೀಪತಿ ಪೂಜಾರಿ ಅವರನ್ನು ಸನ್ಮಾನಿಸಲಾಯಿತು. ವಿದ್ಯಾರ್ಥಿಗಳಿಗೆ ಪ್ರತಿಭಾ ಪುರಸ್ಕಾರ ನೀಡಲಾಯಿತು. ಕಾರ್ಯಕ್ರಮದಲ್ಲಿ ಮಣೂರು ಮಹಾಲಿಂಗೇಶ್ವರ ದೇಗುಲದ ಅಧ್ಯಕ್ಷ ಸತೀಶ್ ಹೆಚ್ ಕುಂದರ್, ಬೆಂಗಳೂರು ಉದ್ಯಮಿ ರವಿರಾಜ್ ಶೆಟ್ಟಿ ಉಪಸ್ಥಿತರಿದ್ದರು. ನಿರೂಪಣೆಯನ್ನು ಶಿಕ್ಷಕ ಎಂ.ಎಸ್. ಮಧ್ಯಸ್ಥ ನಿರ್ವಹಿಸಿದರು, ಸಂತೋಷ್ ಕುಂದರ್ ವಂದಿಸಿದರು. ಕಾರ್ಯಕ್ರಮದ ನಂತರ ಮಣೂರು ಫ್ರೆಂಡ್ಸ್ ಸದಸ್ಯರಿಂದ 'ಕಾಂತಾರ' ಸಾಮಾಜಿಕ ನಾಟಕ ಪ್ರದರ್ಶನಗೊಂಡಿತು.
ಕೋಟೇಕಾರು ಬ್ಯಾಂಕ್: ನವೋದಯ ಗುಂಪಿನ ಸದಸ್ಯರಿಗೆ ಸಮವಸ್ತ್ರ ವಿತರಣೆ
ಮೇ 10ಕ್ಕೆ ಮಂಗಳೂರಿನ ನೆಹರು ಮೈದಾನದಲ್ಲಿ ನವೋದಯ ಸ್ವ-ಸಹಾಯ ಸಂಘಗಳ ರಜತ ಮಹೋತ್ಸವ
ಉಳ್ಳಾಲ: ಮೇ 10 ರಂದು ಮಂಗಳೂರಿನ ನೆಹರು ಮೈದಾನದಲ್ಲಿ ನವೋದಯ ಸ್ವ-ಸಹಾಯ ಸಂಘಗಳ ರಜತ ಮಹೋತ್ಸವ ಸಮಾವೇಶದ ಪ್ರಯುಕ್ತ ಡಾ.ಎಂ.ಎನ್. ರಾಜೇಂದ್ರ ಕುಮಾರ್ ಅವರ ನೇತೃತ್ವದಲ್ಲಿ ಸದಸ್ಯರಿಗೆ ಸಮವಸ್ತ್ರ ವಿತರಣಾ ಕಾರ್ಯಕ್ರಮ ನಡೆಯಿತು. ಕೋಟೆಕಾರು ವ್ಯವಸಾಯ ಸೇವಾ ಸಹಕಾರಿ ಬ್ಯಾಂಕ್ ಅಧ್ಯಕ್ಷ ಸುರೇಶ್ ಶೆಟ್ಟಿ ಮಾತನಾಡಿ, ನವೋದಯ ಸಂಘಗಳು ಗ್ರಾಮೀಣ ಮಹಿಳೆಯರ ಸ್ವಾವಲಂಬನೆಗೆ ಶ್ರಮಿಸುತ್ತಿವೆ ಎಂದರು. ಕೋಟೆಕಾರು ವ್ಯ.ಸೇ.ಸ.ಬ್ಯಾಂಕಿನ ಉಪಾಧ್ಯಕ್ಷ ಕೆ.ಬಿ.ಅಬೂಬಕ್ಕರ್, ನಿರ್ದೇಶಕರು, ಸಿಬ್ಬಂದಿ, ನವೋದಯ ಪ್ರೇರಕರು ಉಪಸ್ಥಿತರಿದ್ದರು. ಬ್ಯಾಂಕಿನ ಮುಖ್ಯ ಕಾರ್ಯನಿರ್ವಹಣಾಧಿಕಾರಿ ಸ್ವಾಗತಿಸಿದರು.
ಉಡುಪಿಯ ವೈಕುಂಠ ಬಾಳಿಗಾ ಕಾನೂನು ಮಹಾವಿದ್ಯಾಲಯದಲ್ಲಿ ಅಣಕು ನ್ಯಾಯಾಲಯ ಸ್ಪರ್ಧೆ
ಗುರಿ ಸಾಧನೆಗೆ ನಿರಂತರ ಶ್ರಮ, ಪ್ರಾಮಾಣಿಕತೆಯೇ ಮೊದಲನೆ ಮೆಟ್ಟಿಲು
ಉಡುಪಿ: ಕಠಿಣ ಪರಿಶ್ರಮ, ನಿರಂತರ ಅಭ್ಯಾಸ, ಶಿಸ್ತು ಹಾಗೂ ಪ್ರಾಮಾಣಿಕತೆ ಯಶಸ್ಸಿನ ಮೊದಲ ಮೆಟ್ಟಿಲು. ಕಾನೂನು ವಿದ್ಯಾರ್ಥಿಗಳು ಕೇವಲ ಪಠ್ಯಕ್ಕೆ ಸೀಮಿತರಾಗದೆ ಅಣಕು ನ್ಯಾಯಾಲಯದಂತಹ ಸ್ಪರ್ಧೆಗಳಲ್ಲಿ ಭಾಗವಹಿಸಬೇಕು ಎಂದು ಕರ್ನಾಟಕ ಹೈಕೋರ್ಟ್ ನ್ಯಾಯಮೂರ್ತಿ ಡಾ.ಪಿ.ಜ್ಯೋತಿಮಣಿ ಅಭಿಪ್ರಾಯಪಟ್ಟರು. ಉಡುಪಿಯ ವೈಕುಂಠ ಬಾಳಿಗಾ ಕಾನೂನು ಮಹಾವಿದ್ಯಾಲಯದಲ್ಲಿ ನಡೆದ ರಾಷ್ಟ್ರ ಮಟ್ಟದ ಅಣಕು ನ್ಯಾಯಾಲಯ ಸ್ಪರ್ಧೆ ಉದ್ಘಾಟಿಸಿ ಅವರು ಮಾತನಾಡಿದರು.
ವಿದ್ಯಾರ್ಥಿಗಳು ಕಲಿಕೆಯ ಸಮಯದಲ್ಲಿ ಹೊಸ ಹೊಸ ಸಂಗತಿಗಳನ್ನು ತಿಳಿದುಕೊಳ್ಳಬೇಕು. ಕಳೆದ 10 ವರ್ಷಗಳಿಂದ ಈ ಸ್ಪರ್ಧೆ ನಡೆಯುತ್ತಿದ್ದು, ದೇಶದ 11ನೇ ವರ್ಷದ ಸ್ಪರ್ಧೆಯಲ್ಲಿ ದೇಶದ ವಿವಿಧ ಕಾನೂನು ಕಾಲೇಜುಗಳ ವಿದ್ಯಾರ್ಥಿ ತಂಡಗಳು ಭಾಗವಹಿಸಿವೆ ಎಂದರು. ಹೊಸ ಹೊಸ ಸಂಗತಿ, ವಿಷಯಗಳನ್ನು ಕಲಿತು ಜ್ಞಾನ ಹೆಚ್ಚಿಸಿಕೊಳ್ಳಬೇಕು. ನಿಗದಿತ ಗುರಿ ಸಾಧನೆಗೆ ನಿರಂತರ ಶ್ರಮ ಅಗತ್ಯ ಎಂದರು.
❝	ವಕೀಲರು ಸಮಾಜದಲ್ಲಿರುವ ವಿದ್ಯಾರ್ಥಿಗಳಿಗೂ, ವೃತ್ತಿಯಲ್ಲಿನ ವಕೀಲರಿಗೂ ಸಹ ಸಮಾಜದಲ್ಲಿ ಗೌರವದ ಸ್ಥಾನ ನೀಡಬೇಕು. ವಾದ ಮಾಡಿ ಜನರಿಗೆ ಸಹಕರಿಸಿದರೆ, ನ್ಯಾಯಕ್ಕೋಸ್ಕರ ಹೋರಾಡುವ ಕೊಡುಗೆ ನೀಡಿದಂತಾಗುತ್ತದೆ. ಇಂತಹ ಕಠಿಣ ನ್ಯಾಯಾಲಯ ಸ್ಪರ್ಧೆಯು ವೃತ್ತಿ ಜೀವನಕ್ಕೆ ಸಹಕಾರಿಯಾಗುತ್ತದೆ.
● ಡಾ. ಪಿ.ಜ್ಯೋತಿಮಣಿ
ನಿರ್ವಹಣಾ ಕುಮಾರಿ ಕೆ. ಅಧ್ಯಕ್ಷತೆ ವಹಿಸಿದ್ದರು. ಮುಖ್ಯ ಅತಿಥಿಯಾಗಿ ಶಾಸಕ ಯಶ್‌ಪಾಲ್ ಸುವರ್ಣ ಭಾಗವಹಿಸಿದ್ದರು. ಸಂಯೋಜಕಿ ಸುನೀತಾ ಕೆ., ವಕೀಲ ಶ್ರೀಧರ ಪಿ.ಎಸ್, ಸ್ಪರ್ಧೆಯ ಸಂಯೋಜಕ ಕಾರ್ತಿಕ್ ಶೆಟ್ಟಿ ಇದ್ದರು. ಕಾಲೇಜಿನ ಪ್ರಾಂಶುಪಾಲರಾದ ಡಾ. ನಿರ್ಮಲಾ ಕುಮಾರಿ ಕೆ. ಸ್ವಾಗತಿಸಿದರು. ಉಪನ್ಯಾಸಕ ವಂದಿಸಿದರು. ವಿದ್ಯಾರ್ಥಿ ಕಾರ್ಯಕ್ರಮ ನಿರೂಪಿಸಿದರು.
